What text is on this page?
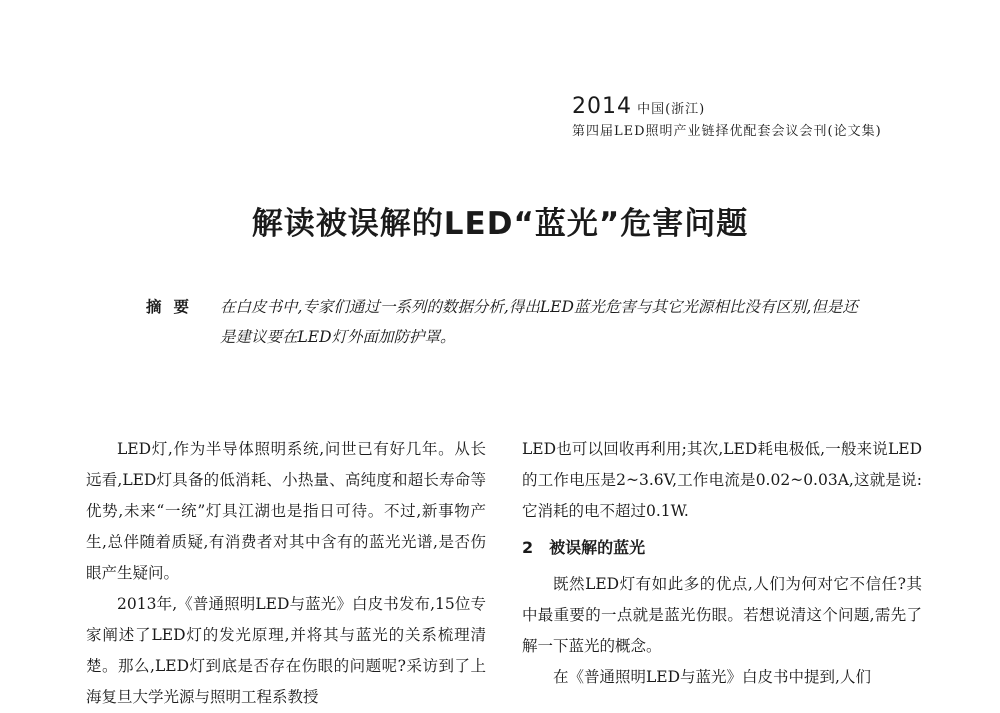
2014 中国(浙江)
第四届LED照明产业链择优配套会议会刊(论文集)
解读被误解的LED“蓝光”危害问题
摘要 在白皮书中,专家们通过一系列的数据分析,得出LED蓝光危害与其它光源相比没有区别,但是还是建议要在LED灯外面加防护罩。

LED灯,作为半导体照明系统,问世已有好几年。从长远看,LED灯具备的低消耗、小热量、高纯度和超长寿命等优势,未来“一统”灯具江湖也是指日可待。不过,新事物产生,总伴随着质疑,有消费者对其中含有的蓝光光谱,是否伤眼产生疑问。

2013年,《普通照明LED与蓝光》白皮书发布,15位专家阐述了LED灯的发光原理,并将其与蓝光的关系梳理清楚。那么,LED灯到底是否存在伤眼的问题呢?采访到了上海复旦大学光源与照明工程系教授

LED也可以回收再利用;其次,LED耗电极低,一般来说LED的工作电压是2~3.6V,工作电流是0.02~0.03A,这就是说:它消耗的电不超过0.1W.

2 被误解的蓝光

既然LED灯有如此多的优点,人们为何对它不信任?其中最重要的一点就是蓝光伤眼。若想说清这个问题,需先了解一下蓝光的概念。

在《普通照明LED与蓝光》白皮书中提到,人们
